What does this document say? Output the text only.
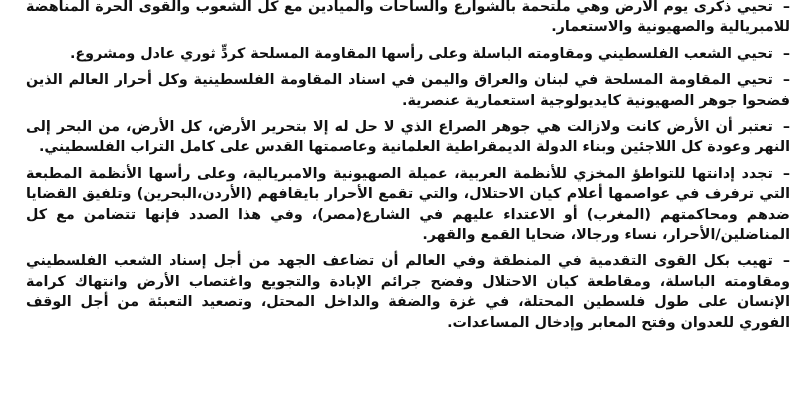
–تحيي ذكرى يوم الأرض وهي ملتحمة بالشوارع والساحات والميادين مع كل الشعوب والقوى الحرة المناهضة للامبريالية والصهيونية والاستعمار.

–تحيي الشعب الفلسطيني ومقاومته الباسلة وعلى رأسها المقاومة المسلحة كردٍّ ثوري عادل ومشروع.

–تحيي المقاومة المسلحة في لبنان والعراق واليمن في اسناد المقاومة الفلسطينية وكل أحرار العالم الذين فضحوا جوهر الصهيونية كايديولوجية استعمارية عنصرية.

–تعتبر أن الأرض كانت ولازالت هي جوهر الصراع الذي لا حل له إلا بتحرير الأرض، كل الأرض، من البحر إلى النهر وعودة كل اللاجئين وبناء الدولة الديمقراطية العلمانية وعاصمتها القدس على كامل التراب الفلسطيني.

–تجدد إدانتها للتواطؤ المخزي للأنظمة العربية، عميلة الصهيونية والامبريالية، وعلى رأسها الأنظمة المطبعة التي ترفرف في عواصمها أعلام كيان الاحتلال، والتي تقمع الأحرار بايقافهم (الأردن،البحرين) وتلفيق القضايا ضدهم ومحاكمتهم (المغرب) أو الاعتداء عليهم في الشارع(مصر)، وفي هذا الصدد فإنها تتضامن مع كل المناضلين/الأحرار، نساء ورجالا، ضحايا القمع والقهر.

–تهيب بكل القوى التقدمية في المنطقة وفي العالم أن تضاعف الجهد من أجل إسناد الشعب الفلسطيني ومقاومته الباسلة، ومقاطعة كيان الاحتلال وفضح جرائم الإبادة والتجويع واغتصاب الأرض وانتهاك كرامة الإنسان على طول فلسطين المحتلة، في غزة والضفة والداخل المحتل، وتصعيد التعبئة من أجل الوقف الفوري للعدوان وفتح المعابر وإدخال المساعدات.
